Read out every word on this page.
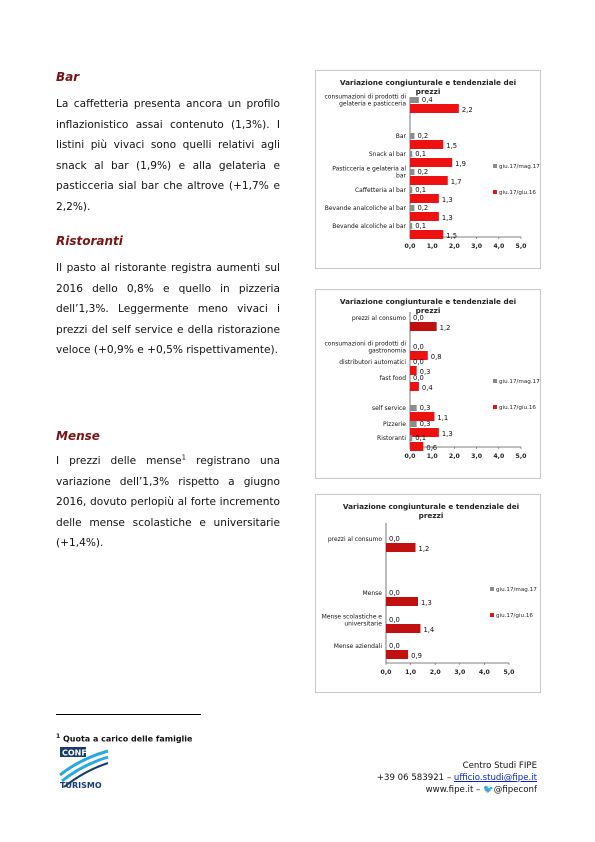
Bar

La caffetteria presenta ancora un profilo inflazionistico assai contenuto (1,3%). I listini più vivaci sono quelli relativi agli snack al bar (1,9%) e alla gelateria e pasticceria sial bar che altrove (+1,7% e 2,2%).

Ristoranti

Il pasto al ristorante registra aumenti sul 2016 dello 0,8% e quello in pizzeria dell’1,3%. Leggermente meno vivaci i prezzi del self service e della ristorazione veloce (+0,9% e +0,5% rispettivamente).

Mense

I prezzi delle mense$^1$ registrano una variazione dell’1,3% rispetto a giugno 2016, dovuto perlopiù al forte incremento delle mense scolastiche e universitarie (+1,4%).

Variazione congiunturale e tendenziale dei
prezzi
0,0 1,0 2,0 3,0 4,0 5,0
consumazioni di prodotti di
gelateria e pasticceria
0,4
2,2
Bar 0,2
1,5
Snack al bar 0,1
1,9
Pasticceria e gelateria al
bar
0,2
1,7
Caffetteria al bar 0,1
1,3
Bevande analcoliche al bar 0,2
1,3
Bevande alcoliche al bar 0,1
1,5
giu.17/mag.17
giu.17/giu.16
Variazione congiunturale e tendenziale dei
prezzi
0,0 1,0 2,0 3,0 4,0 5,0
prezzi al consumo 0,0
1,2
consumazioni di prodotti di
gastronomia
0,0
0,8
distributori automatici 0,0
0,3
fast food 0,0
0,4
self service 0,3
1,1
Pizzerie 0,3
1,3
Ristoranti 0,1
0,6
giu.17/mag.17
giu.17/giu.16
Variazione congiunturale e tendenziale dei
prezzi
0,0 1,0 2,0 3,0 4,0 5,0
prezzi al consumo 0,0
1,2
Mense 0,0
1,3
Mense scolastiche e
universitarie
0,0
1,4
Mense aziendali 0,0
0,9
giu.17/mag.17
giu.17/giu.16
$^1$ Quota a carico delle famiglie
CONF
TURISMO
Centro Studi FIPE
+39 06 583921 – ufficio.studi@fipe.it
www.fipe.it – 🐦@fipeconf
